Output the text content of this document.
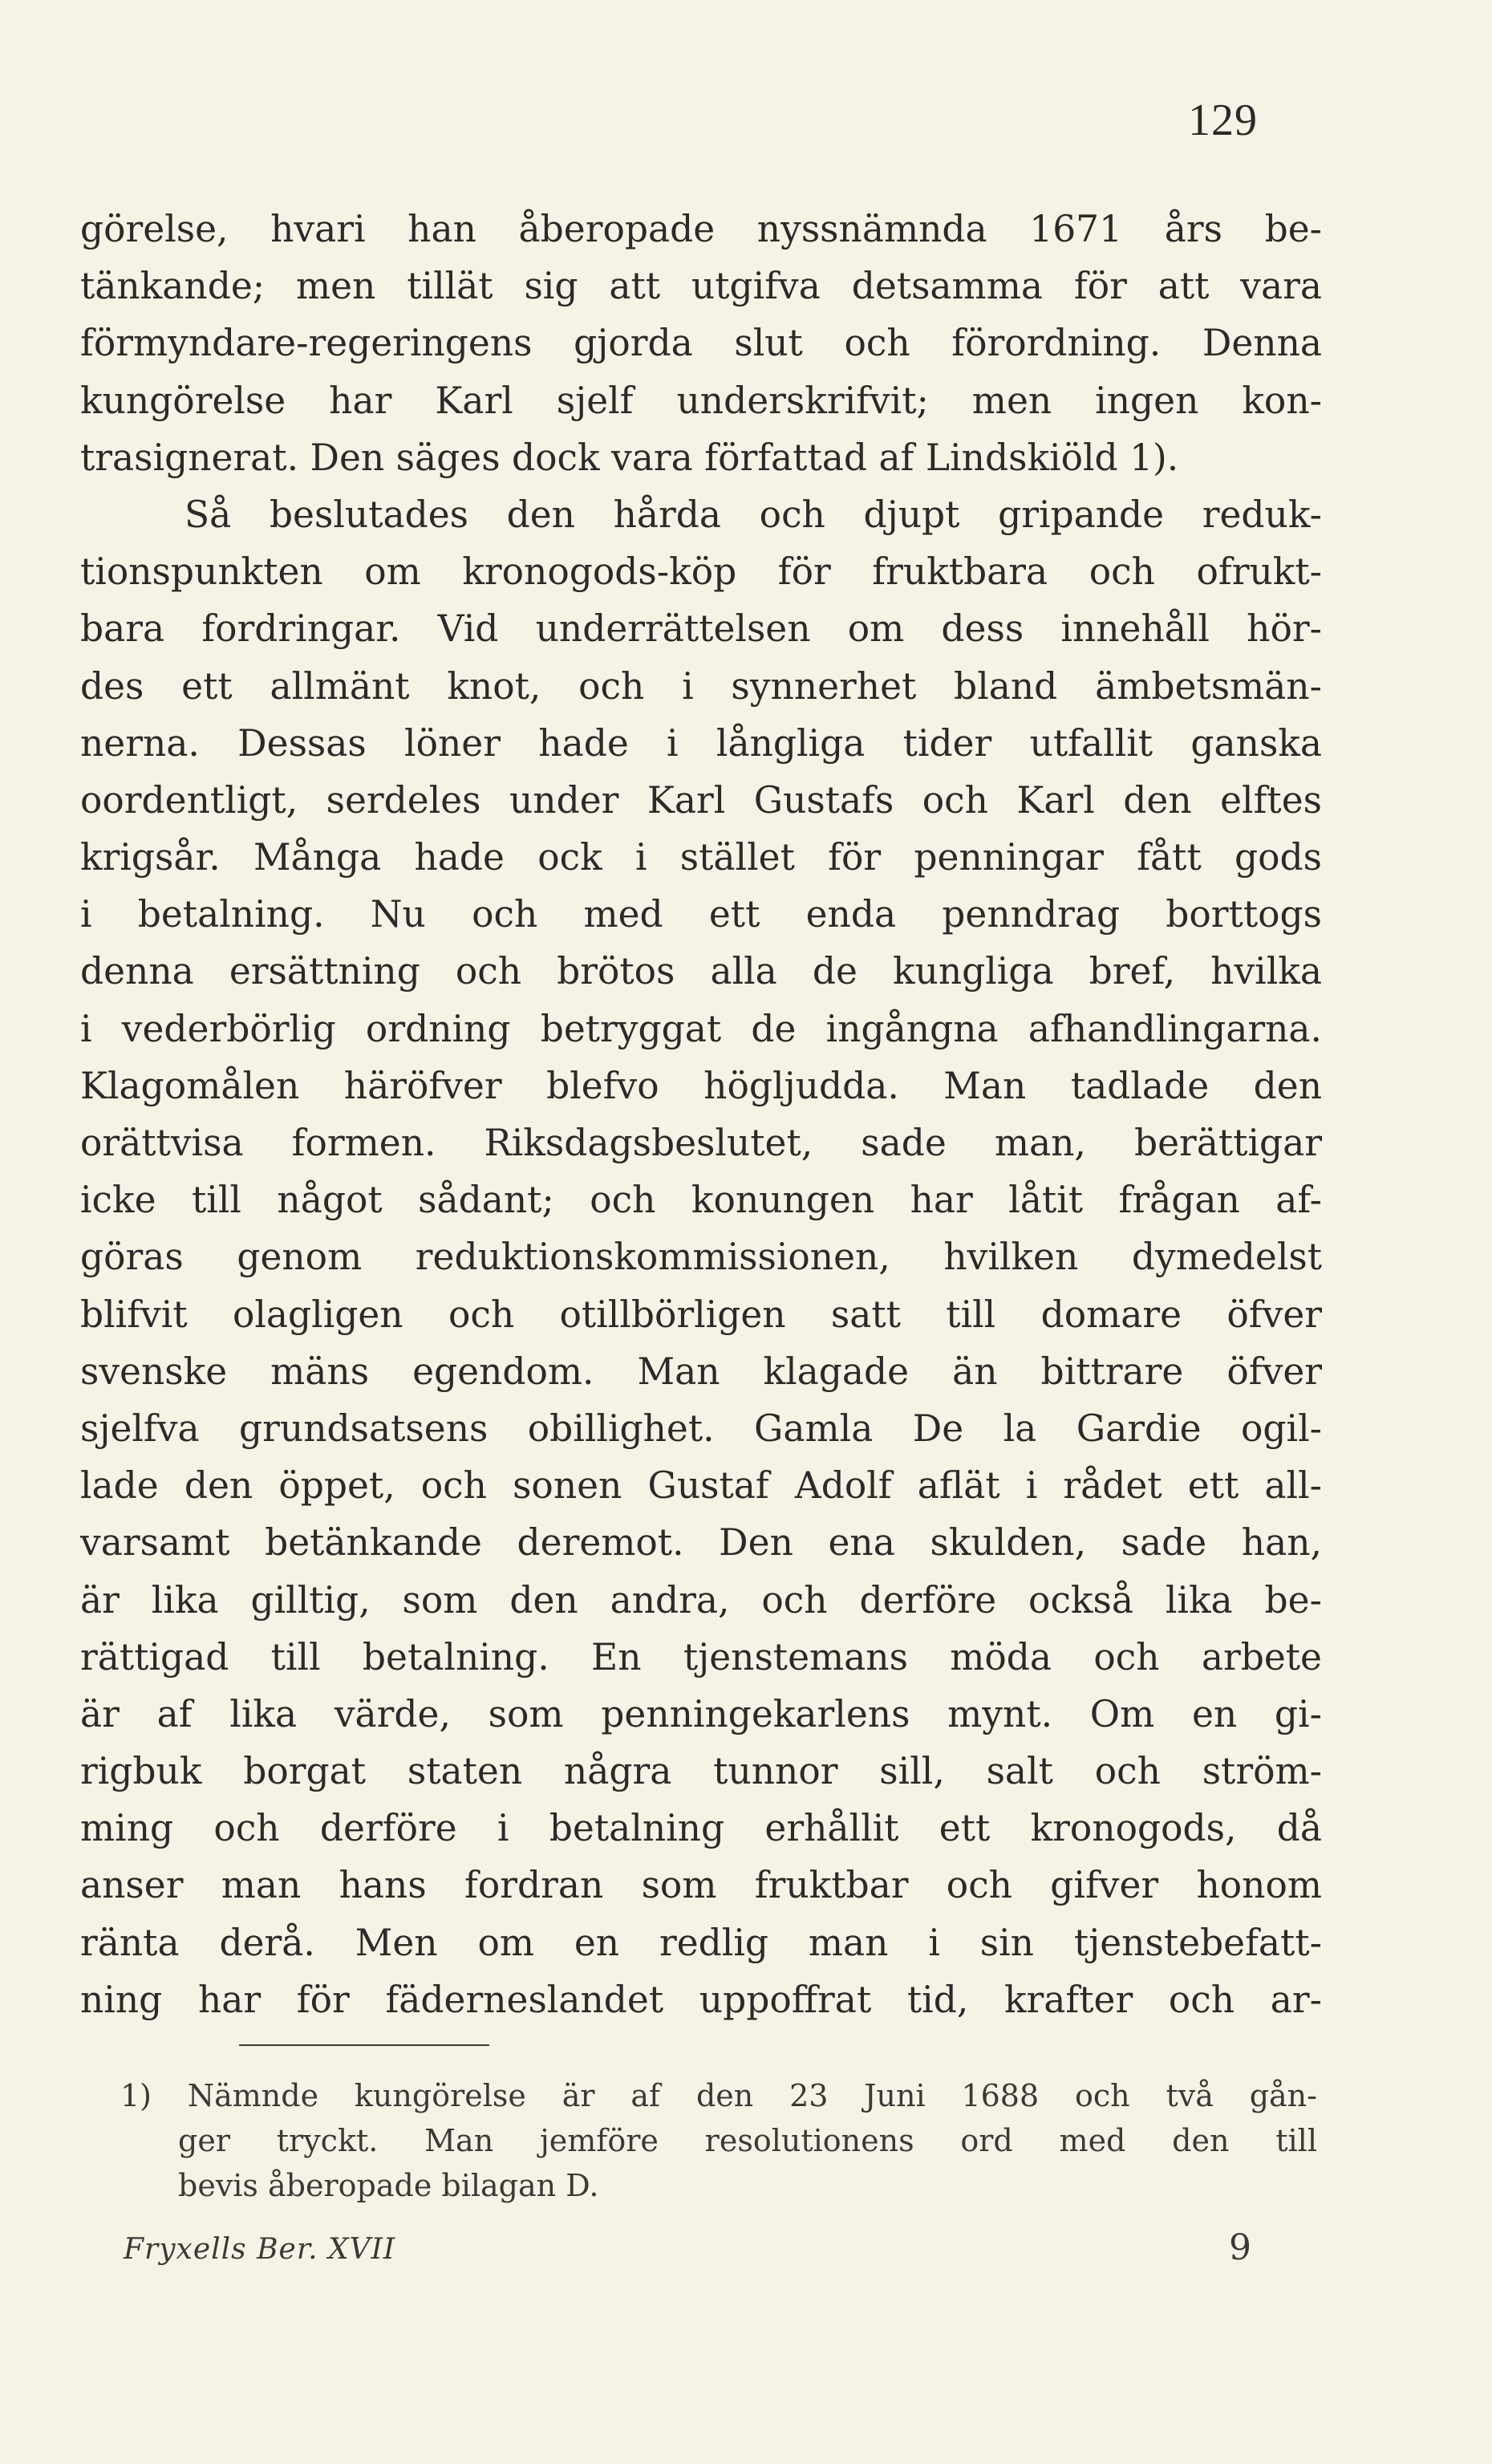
129
görelse, hvari han åberopade nyssnämnda 1671 års be-
tänkande; men tillät sig att utgifva detsamma för att vara
förmyndare-regeringens gjorda slut och förordning. Denna
kungörelse har Karl sjelf underskrifvit; men ingen kon-
trasignerat. Den säges dock vara författad af Lindskiöld 1).
Så beslutades den hårda och djupt gripande reduk-
tionspunkten om kronogods-köp för fruktbara och ofrukt-
bara fordringar. Vid underrättelsen om dess innehåll hör-
des ett allmänt knot, och i synnerhet bland ämbetsmän-
nerna. Dessas löner hade i långliga tider utfallit ganska
oordentligt, serdeles under Karl Gustafs och Karl den elftes
krigsår. Många hade ock i stället för penningar fått gods
i betalning. Nu och med ett enda penndrag borttogs
denna ersättning och brötos alla de kungliga bref, hvilka
i vederbörlig ordning betryggat de ingångna afhandlingarna.
Klagomålen häröfver blefvo högljudda. Man tadlade den
orättvisa formen. Riksdagsbeslutet, sade man, berättigar
icke till något sådant; och konungen har låtit frågan af-
göras genom reduktionskommissionen, hvilken dymedelst
blifvit olagligen och otillbörligen satt till domare öfver
svenske mäns egendom. Man klagade än bittrare öfver
sjelfva grundsatsens obillighet. Gamla De la Gardie ogil-
lade den öppet, och sonen Gustaf Adolf aflät i rådet ett all-
varsamt betänkande deremot. Den ena skulden, sade han,
är lika gilltig, som den andra, och derföre också lika be-
rättigad till betalning. En tjenstemans möda och arbete
är af lika värde, som penningekarlens mynt. Om en gi-
rigbuk borgat staten några tunnor sill, salt och ström-
ming och derföre i betalning erhållit ett kronogods, då
anser man hans fordran som fruktbar och gifver honom
ränta derå. Men om en redlig man i sin tjenstebefatt-
ning har för fäderneslandet uppoffrat tid, krafter och ar-
1) Nämnde kungörelse är af den 23 Juni 1688 och två gån-
ger tryckt. Man jemföre resolutionens ord med den till
bevis åberopade bilagan D.
Fryxells Ber. XVII	9
